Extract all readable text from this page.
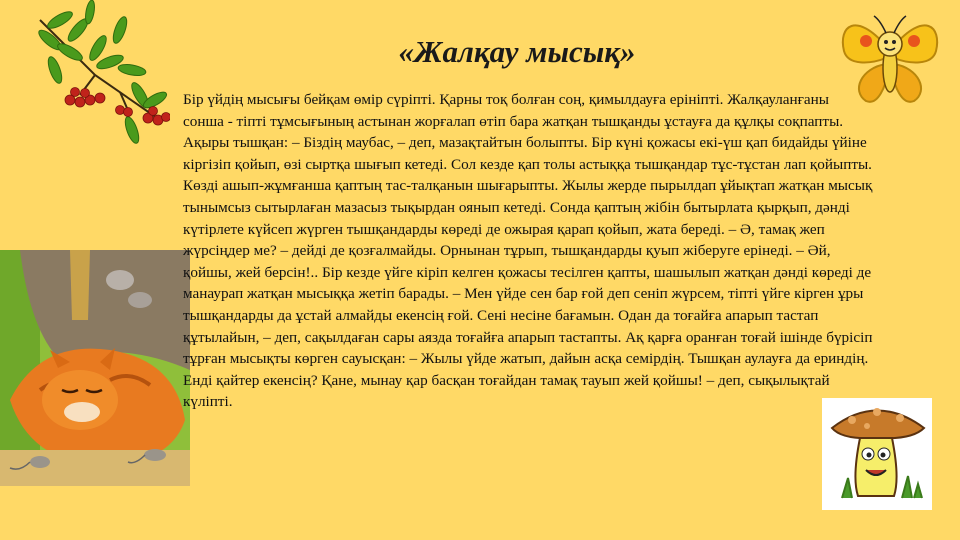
«Жалқау мысық»

Бір үйдің мысығы бейқам өмір сүріпті. Қарны тоқ болған соң, қимылдауға ерініпті. Жалқауланғаны сонша - тіпті тұмсығының астынан жорғалап өтіп бара жатқан тышқанды ұстауға да құлқы соқпапты. Ақыры тышқан: – Біздің маубас, – деп, мазақтайтын болыпты. Бір күні қожасы екі-үш қап бидайды үйіне кіргізіп қойып, өзі сыртқа шығып кетеді. Сол кезде қап толы астыққа тышқандар тұс-тұстан лап қойыпты. Көзді ашып-жұмғанша қаптың тас-талқанын шығарыпты. Жылы жерде пырылдап ұйықтап жатқан мысық тынымсыз сытырлаған мазасыз тықырдан оянып кетеді. Сонда қаптың жібін бытырлата қырқып, дәнді күтірлете күйсеп жүрген тышқандарды көреді де ожырая қарап қойып, жата береді. – Ә, тамақ жеп жүрсіңдер ме? – дейді де қозғалмайды. Орнынан тұрып, тышқандарды қуып жіберуге ерінеді. – Әй, қойшы, жей берсін!.. Бір кезде үйге кіріп келген қожасы тесілген қапты, шашылып жатқан дәнді көреді де манаурап жатқан мысыққа жетіп барады. – Мен үйде сен бар ғой деп сеніп жүрсем, тіпті үйге кірген ұры тышқандарды да ұстай алмайды екенсің ғой. Сені несіне бағамын. Одан да тоғайға апарып тастап құтылайын, – деп, сақылдаған сары аязда тоғайға апарып тастапты. Ақ қарға оранған тоғай ішінде бүрісіп тұрған мысықты көрген сауысқан: – Жылы үйде жатып, дайын асқа семірдің. Тышқан аулауға да ериндің. Енді қайтер екенсің? Қане, мынау қар басқан тоғайдан тамақ тауып жей қойшы! – деп, сықылықтай күліпті.
